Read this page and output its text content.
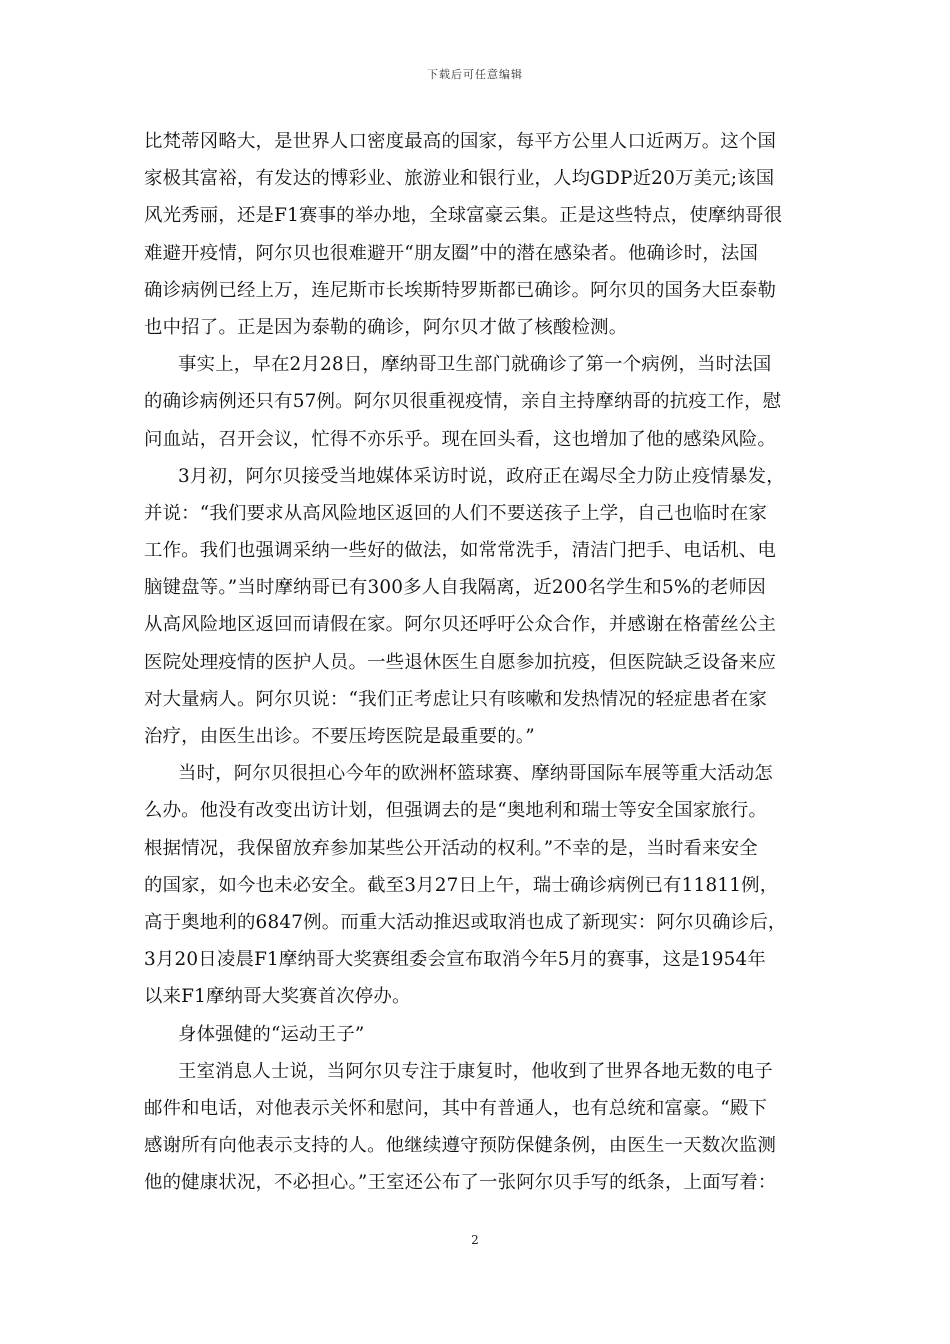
下载后可任意编辑
比梵蒂冈略大，是世界人口密度最高的国家，每平方公里人口近两万。这个国
家极其富裕，有发达的博彩业、旅游业和银行业，人均GDP近20万美元;该国
风光秀丽，还是F1赛事的举办地，全球富豪云集。正是这些特点，使摩纳哥很
难避开疫情，阿尔贝也很难避开“朋友圈”中的潜在感染者。他确诊时，法国
确诊病例已经上万，连尼斯市长埃斯特罗斯都已确诊。阿尔贝的国务大臣泰勒
也中招了。正是因为泰勒的确诊，阿尔贝才做了核酸检测。
事实上，早在2月28日，摩纳哥卫生部门就确诊了第一个病例，当时法国
的确诊病例还只有57例。阿尔贝很重视疫情，亲自主持摩纳哥的抗疫工作，慰
问血站，召开会议，忙得不亦乐乎。现在回头看，这也增加了他的感染风险。
3月初，阿尔贝接受当地媒体采访时说，政府正在竭尽全力防止疫情暴发，
并说：“我们要求从高风险地区返回的人们不要送孩子上学，自己也临时在家
工作。我们也强调采纳一些好的做法，如常常洗手，清洁门把手、电话机、电
脑键盘等。”当时摩纳哥已有300多人自我隔离，近200名学生和5%的老师因
从高风险地区返回而请假在家。阿尔贝还呼吁公众合作，并感谢在格蕾丝公主
医院处理疫情的医护人员。一些退休医生自愿参加抗疫，但医院缺乏设备来应
对大量病人。阿尔贝说：“我们正考虑让只有咳嗽和发热情况的轻症患者在家
治疗，由医生出诊。不要压垮医院是最重要的。”
当时，阿尔贝很担心今年的欧洲杯篮球赛、摩纳哥国际车展等重大活动怎
么办。他没有改变出访计划，但强调去的是“奥地利和瑞士等安全国家旅行。
根据情况，我保留放弃参加某些公开活动的权利。”不幸的是，当时看来安全
的国家，如今也未必安全。截至3月27日上午，瑞士确诊病例已有11811例，
高于奥地利的6847例。而重大活动推迟或取消也成了新现实：阿尔贝确诊后，
3月20日凌晨F1摩纳哥大奖赛组委会宣布取消今年5月的赛事，这是1954年
以来F1摩纳哥大奖赛首次停办。
身体强健的“运动王子”
王室消息人士说，当阿尔贝专注于康复时，他收到了世界各地无数的电子
邮件和电话，对他表示关怀和慰问，其中有普通人，也有总统和富豪。“殿下
感谢所有向他表示支持的人。他继续遵守预防保健条例，由医生一天数次监测
他的健康状况，不必担心。”王室还公布了一张阿尔贝手写的纸条，上面写着：
2
